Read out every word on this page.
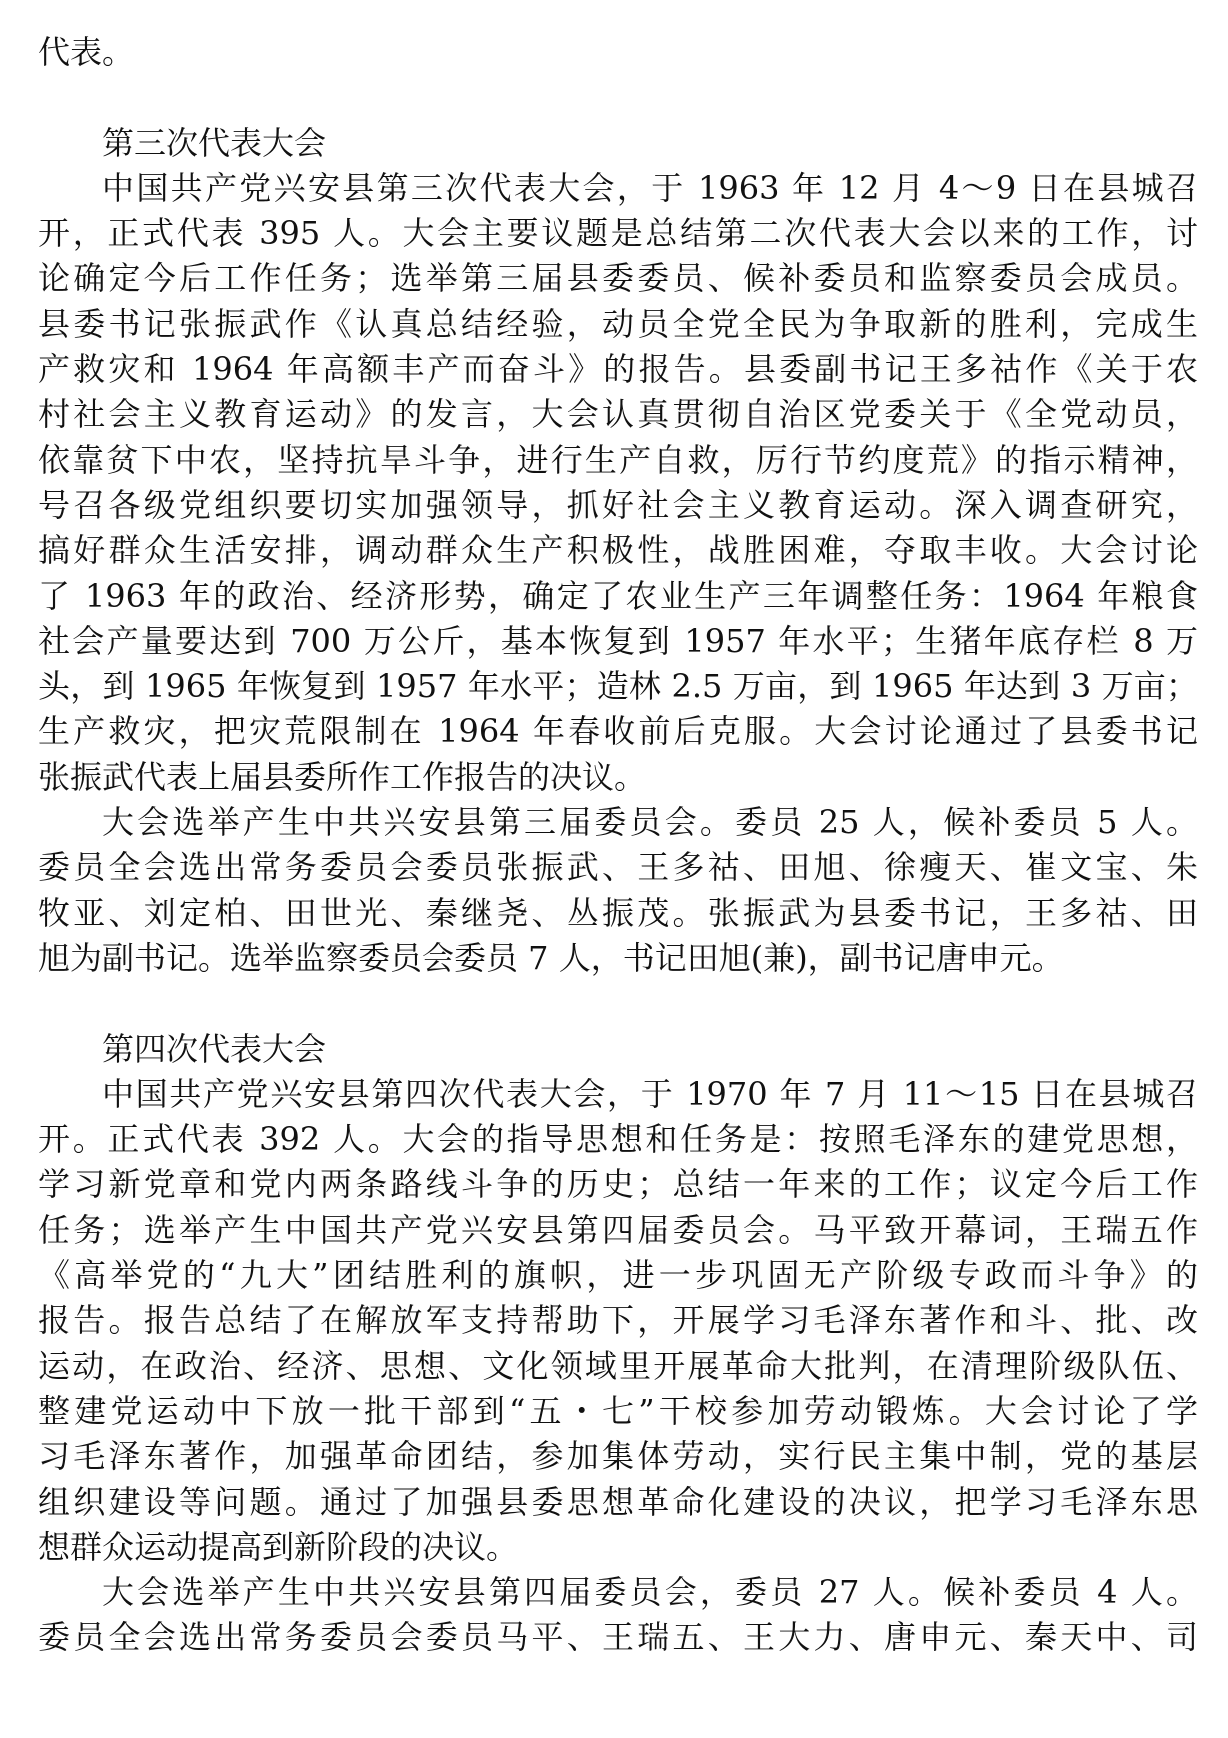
代表。
第三次代表大会
中国共产党兴安县第三次代表大会，于 1963 年 12 月 4～9 日在县城召
开，正式代表 395 人。大会主要议题是总结第二次代表大会以来的工作，讨
论确定今后工作任务；选举第三届县委委员、候补委员和监察委员会成员。
县委书记张振武作《认真总结经验，动员全党全民为争取新的胜利，完成生
产救灾和 1964 年高额丰产而奋斗》的报告。县委副书记王多祜作《关于农
村社会主义教育运动》的发言，大会认真贯彻自治区党委关于《全党动员，
依靠贫下中农，坚持抗旱斗争，进行生产自救，厉行节约度荒》的指示精神，
号召各级党组织要切实加强领导，抓好社会主义教育运动。深入调查研究，
搞好群众生活安排，调动群众生产积极性，战胜困难，夺取丰收。大会讨论
了 1963 年的政治、经济形势，确定了农业生产三年调整任务：1964 年粮食
社会产量要达到 700 万公斤，基本恢复到 1957 年水平；生猪年底存栏 8 万
头，到 1965 年恢复到 1957 年水平；造林 2.5 万亩，到 1965 年达到 3 万亩；
生产救灾，把灾荒限制在 1964 年春收前后克服。大会讨论通过了县委书记
张振武代表上届县委所作工作报告的决议。
大会选举产生中共兴安县第三届委员会。委员 25 人，候补委员 5 人。
委员全会选出常务委员会委员张振武、王多祜、田旭、徐瘦天、崔文宝、朱
牧亚、刘定柏、田世光、秦继尧、丛振茂。张振武为县委书记，王多祜、田
旭为副书记。选举监察委员会委员 7 人，书记田旭(兼)，副书记唐申元。
第四次代表大会
中国共产党兴安县第四次代表大会，于 1970 年 7 月 11～15 日在县城召
开。正式代表 392 人。大会的指导思想和任务是：按照毛泽东的建党思想，
学习新党章和党内两条路线斗争的历史；总结一年来的工作；议定今后工作
任务；选举产生中国共产党兴安县第四届委员会。马平致开幕词，王瑞五作
《高举党的“九大”团结胜利的旗帜，进一步巩固无产阶级专政而斗争》的
报告。报告总结了在解放军支持帮助下，开展学习毛泽东著作和斗、批、改
运动，在政治、经济、思想、文化领域里开展革命大批判，在清理阶级队伍、
整建党运动中下放一批干部到“五・七”干校参加劳动锻炼。大会讨论了学
习毛泽东著作，加强革命团结，参加集体劳动，实行民主集中制，党的基层
组织建设等问题。通过了加强县委思想革命化建设的决议，把学习毛泽东思
想群众运动提高到新阶段的决议。
大会选举产生中共兴安县第四届委员会，委员 27 人。候补委员 4 人。
委员全会选出常务委员会委员马平、王瑞五、王大力、唐申元、秦天中、司
